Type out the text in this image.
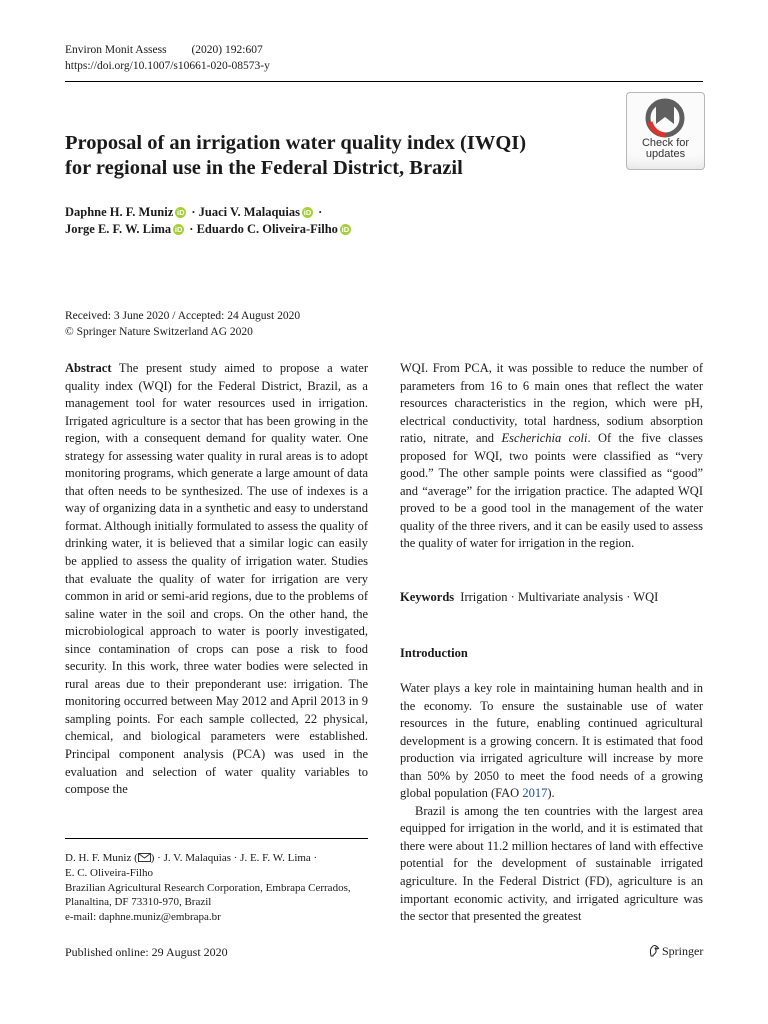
Environ Monit Assess (2020) 192:607
https://doi.org/10.1007/s10661-020-08573-y
Check for
updates
Proposal of an irrigation water quality index (IWQI)
for regional use in the Federal District, Brazil
Daphne H. F. Muniz iD · Juaci V. Malaquias iD ·
Jorge E. F. W. Lima iD · Eduardo C. Oliveira-Filho iD
Received: 3 June 2020 / Accepted: 24 August 2020
© Springer Nature Switzerland AG 2020

Abstract The present study aimed to propose a water quality index (WQI) for the Federal District, Brazil, as a management tool for water resources used in irrigation. Irrigated agriculture is a sector that has been growing in the region, with a consequent demand for quality water. One strategy for assessing water quality in rural areas is to adopt monitoring programs, which generate a large amount of data that often needs to be synthesized. The use of indexes is a way of organizing data in a synthetic and easy to understand format. Although initially formulated to assess the quality of drinking water, it is believed that a similar logic can easily be applied to assess the quality of irrigation water. Studies that evaluate the quality of water for irrigation are very common in arid or semi-arid regions, due to the problems of saline water in the soil and crops. On the other hand, the microbiological approach to water is poorly investigated, since contamination of crops can pose a risk to food security. In this work, three water bodies were selected in rural areas due to their preponderant use: irrigation. The monitoring occurred between May 2012 and April 2013 in 9 sampling points. For each sample collected, 22 physical, chemical, and biological parameters were established. Principal component analysis (PCA) was used in the evaluation and selection of water quality variables to compose the

WQI. From PCA, it was possible to reduce the number of parameters from 16 to 6 main ones that reflect the water resources characteristics in the region, which were pH, electrical conductivity, total hardness, sodium absorption ratio, nitrate, and Escherichia coli. Of the five classes proposed for WQI, two points were classified as “very good.” The other sample points were classified as “good” and “average” for the irrigation practice. The adapted WQI proved to be a good tool in the management of the water quality of the three rivers, and it can be easily used to assess the quality of water for irrigation in the region.

Keywords Irrigation · Multivariate analysis · WQI
Introduction

Water plays a key role in maintaining human health and in the economy. To ensure the sustainable use of water resources in the future, enabling continued agricultural development is a growing concern. It is estimated that food production via irrigated agriculture will increase by more than 50% by 2050 to meet the food needs of a growing global population (FAO 2017).

Brazil is among the ten countries with the largest area equipped for irrigation in the world, and it is estimated that there were about 11.2 million hectares of land with effective potential for the development of sustainable irrigated agriculture. In the Federal District (FD), agriculture is an important economic activity, and irrigated agriculture was the sector that presented the greatest

D. H. F. Muniz ( ) · J. V. Malaquias · J. E. F. W. Lima ·
E. C. Oliveira-Filho
Brazilian Agricultural Research Corporation, Embrapa Cerrados,
Planaltina, DF 73310-970, Brazil
e-mail: daphne.muniz@embrapa.br
Published online: 29 August 2020	Springer
